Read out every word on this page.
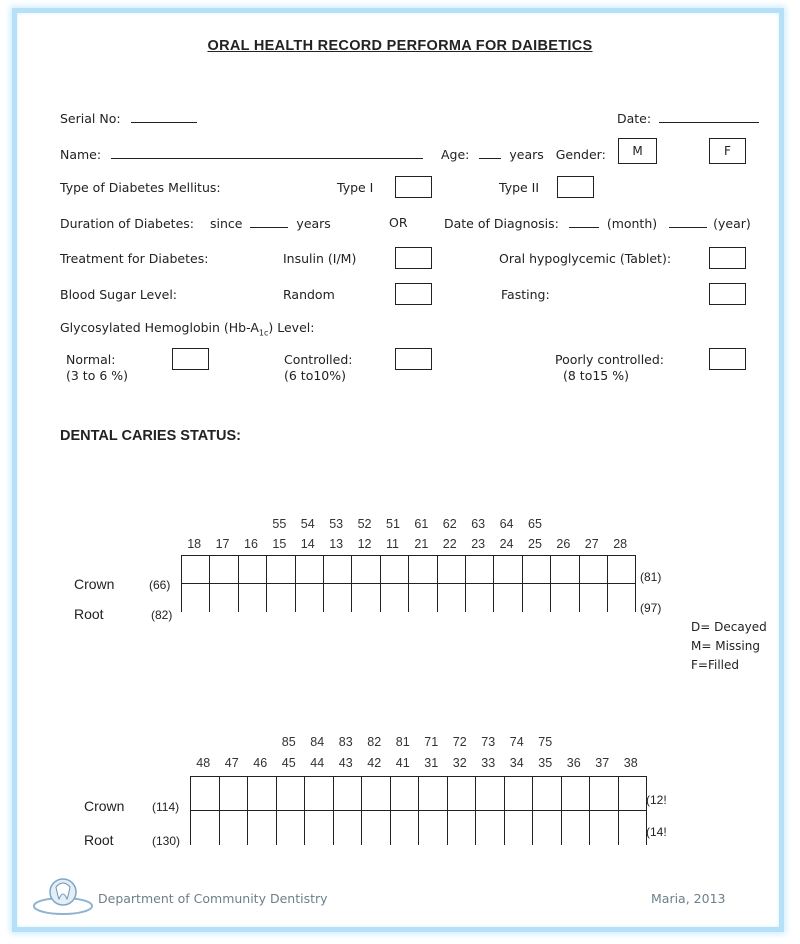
ORAL HEALTH RECORD PERFORMA FOR DAIBETICS
Serial No:	Date:
Name:	Age:	years Gender:	M	F
Type of Diabetes Mellitus:	Type I	Type II
Duration of Diabetes: since	years	OR	Date of Diagnosis:	(month)	(year)
Treatment for Diabetes:	Insulin (I/M)	Oral hypoglycemic (Tablet):
Blood Sugar Level:	Random	Fasting:
Glycosylated Hemoglobin $(Hb-A_{1c})$ Level:
Normal:
(3 to 6 %)
Controlled:
(6 to10%)
Poorly controlled:
(8 to15 %)
DENTAL CARIES STATUS:
55 54 53 52 51 61 62 63 64 65
18 17 16 15 14 13 12 11 21 22 23 24 25 26 27 28
Crown
Root
(66)
(82)
(81)
(97)
D= Decayed
M= Missing
F=Filled
85 84 83 82 81 71 72 73 74 75
48 47 46 45 44 43 42 41 31 32 33 34 35 36 37 38
Crown
Root
(114)
(130)
(12!
(14!
Department of Community Dentistry	Maria, 2013
